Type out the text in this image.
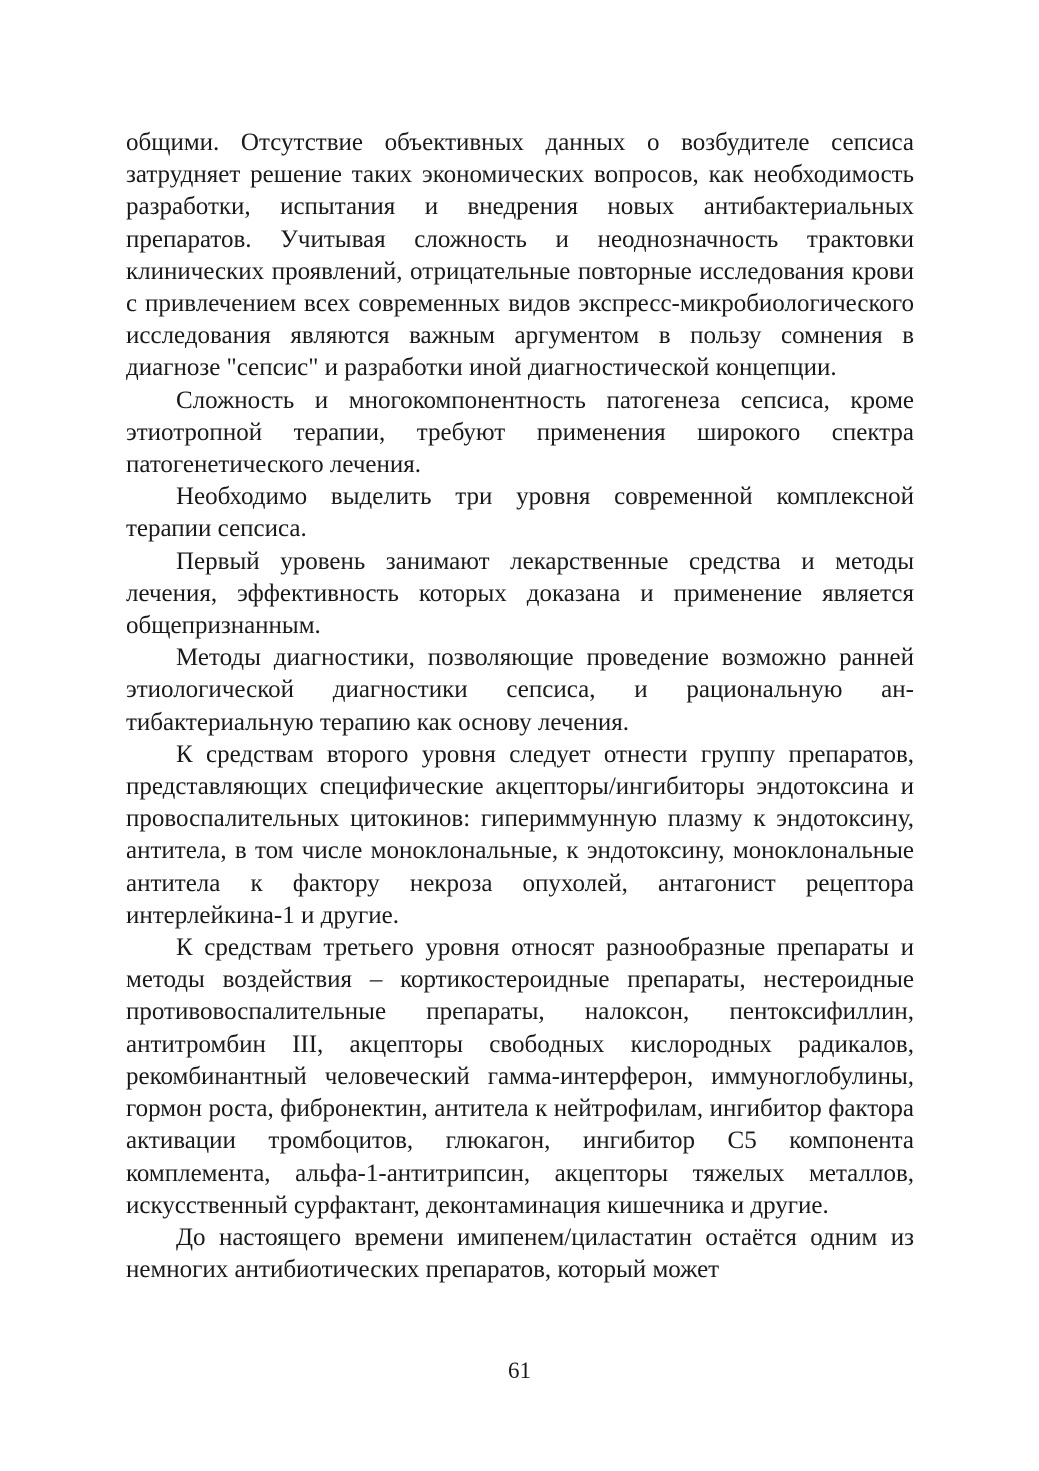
общими. Отсутствие объективных данных о возбудителе сепсиса затрудняет решение таких экономических вопросов, как необходимость разработки, испытания и внедрения новых антибактериальных препаратов. Учитывая сложность и неоднозначность трактовки клинических проявлений, отрицательные повторные исследования крови с привлечением всех современных видов экспресс-микробиологического исследования являются важным аргументом в пользу сомнения в диагнозе "сепсис" и разработки иной диагностической концепции.

Сложность и многокомпонентность патогенеза сепсиса, кроме этиотропной терапии, требуют применения широкого спектра патогенетического лечения.

Необходимо выделить три уровня современной комплексной терапии сепсиса.

Первый уровень занимают лекарственные средства и методы лечения, эффективность которых доказана и применение является общепризнанным.

Методы диагностики, позволяющие проведение возможно ранней этиологической диагностики сепсиса, и рациональную антибактериальную терапию как основу лечения.

К средствам второго уровня следует отнести группу препаратов, представляющих специфические акцепторы/ингибиторы эндотоксина и провоспалительных цитокинов: гипериммунную плазму к эндотоксину, антитела, в том числе моноклональные, к эндотоксину, моноклональные антитела к фактору некроза опухолей, антагонист рецептора интерлейкина-1 и другие.

К средствам третьего уровня относят разнообразные препараты и методы воздействия – кортикостероидные препараты, нестероидные противовоспалительные препараты, налоксон, пентоксифиллин, антитромбин III, акцепторы свободных кислородных радикалов, рекомбинантный человеческий гамма-интерферон, иммуноглобулины, гормон роста, фибронектин, антитела к нейтрофилам, ингибитор фактора активации тромбоцитов, глюкагон, ингибитор С5 компонента комплемента, альфа-1-антитрипсин, акцепторы тяжелых металлов, искусственный сурфактант, деконтаминация кишечника и другие.

До настоящего времени имипенем/циластатин остаётся одним из немногих антибиотических препаратов, который может

61
